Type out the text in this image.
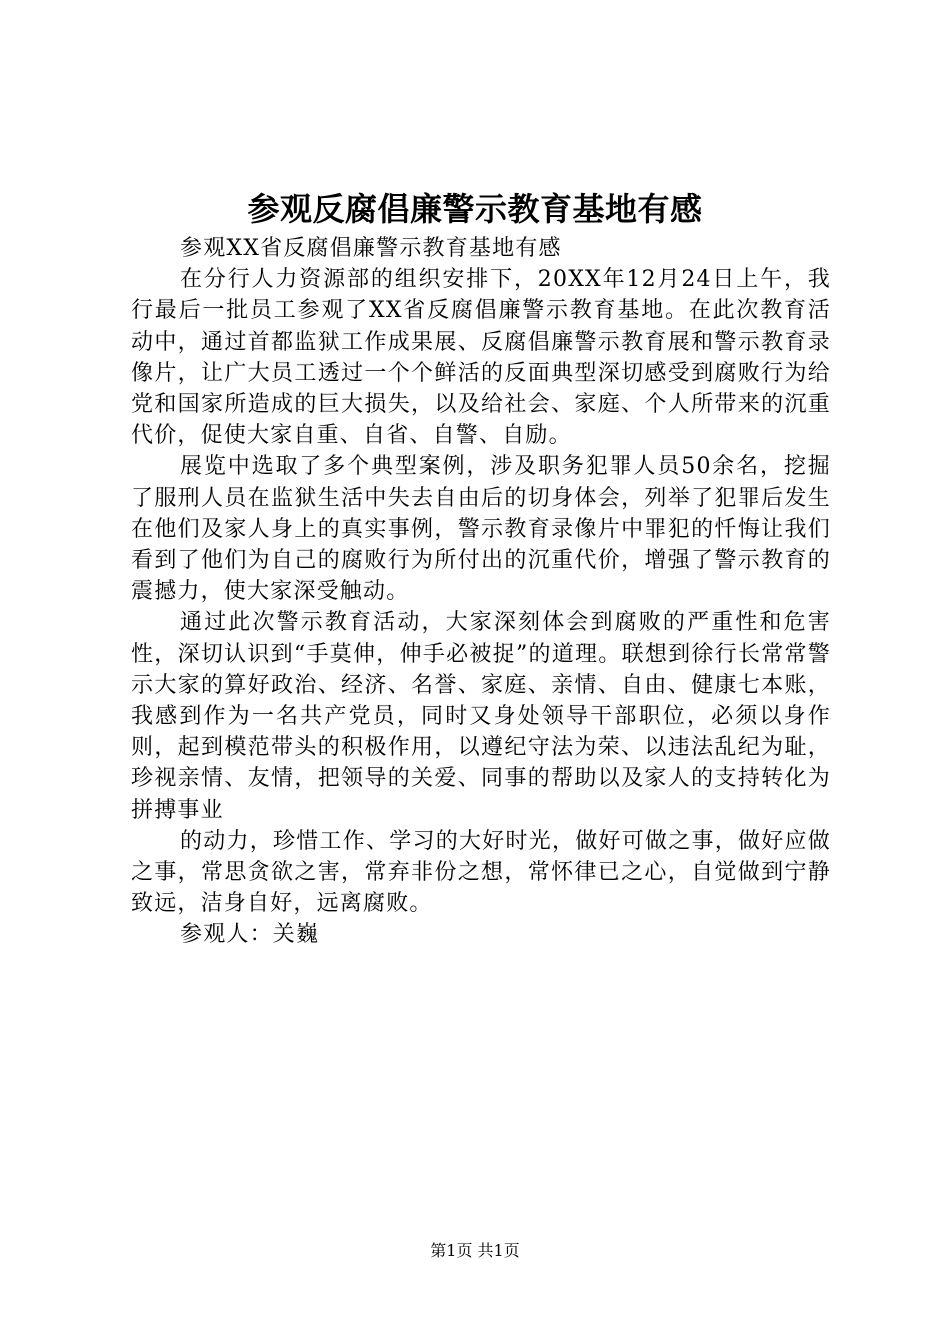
参观反腐倡廉警示教育基地有感

参观XX省反腐倡廉警示教育基地有感

在分行人力资源部的组织安排下，20XX年12月24日上午，我行最后一批员工参观了XX省反腐倡廉警示教育基地。在此次教育活动中，通过首都监狱工作成果展、反腐倡廉警示教育展和警示教育录像片，让广大员工透过一个个鲜活的反面典型深切感受到腐败行为给党和国家所造成的巨大损失，以及给社会、家庭、个人所带来的沉重代价，促使大家自重、自省、自警、自励。

展览中选取了多个典型案例，涉及职务犯罪人员50余名，挖掘了服刑人员在监狱生活中失去自由后的切身体会，列举了犯罪后发生在他们及家人身上的真实事例，警示教育录像片中罪犯的忏悔让我们看到了他们为自己的腐败行为所付出的沉重代价，增强了警示教育的震撼力，使大家深受触动。

通过此次警示教育活动，大家深刻体会到腐败的严重性和危害性，深切认识到“手莫伸，伸手必被捉”的道理。联想到徐行长常常警示大家的算好政治、经济、名誉、家庭、亲情、自由、健康七本账，我感到作为一名共产党员，同时又身处领导干部职位，必须以身作则，起到模范带头的积极作用，以遵纪守法为荣、以违法乱纪为耻，珍视亲情、友情，把领导的关爱、同事的帮助以及家人的支持转化为拼搏事业

的动力，珍惜工作、学习的大好时光，做好可做之事，做好应做之事，常思贪欲之害，常弃非份之想，常怀律已之心，自觉做到宁静致远，洁身自好，远离腐败。

参观人：关巍

第1页 共1页
